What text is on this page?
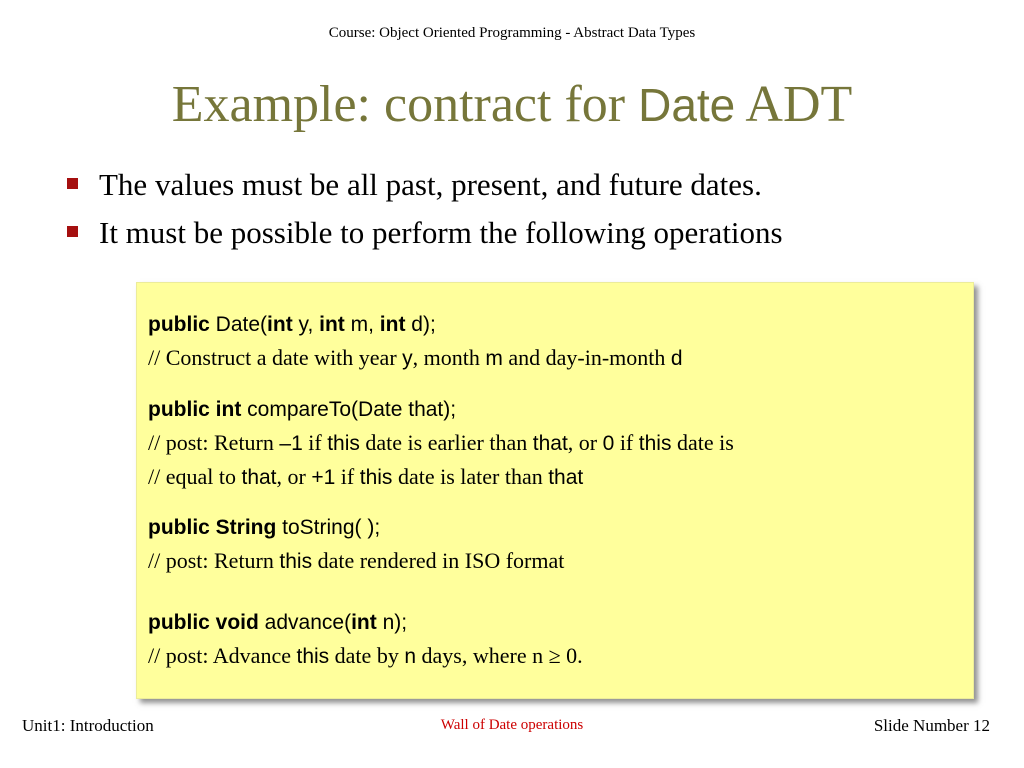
Course: Object Oriented Programming - Abstract Data Types
Example: contract for Date ADT
The values must be all past, present, and future dates.
It must be possible to perform the following operations
public Date(int y, int m, int d);
// Construct a date with year y, month m and day-in-month d
public int compareTo(Date that);
// post: Return –1 if this date is earlier than that, or 0 if this date is
// equal to that, or +1 if this date is later than that
public String toString( );
// post: Return this date rendered in ISO format
public void advance(int n);
// post: Advance this date by n days, where n ≥ 0.
Unit1: Introduction	Wall of Date operations	Slide Number 12
